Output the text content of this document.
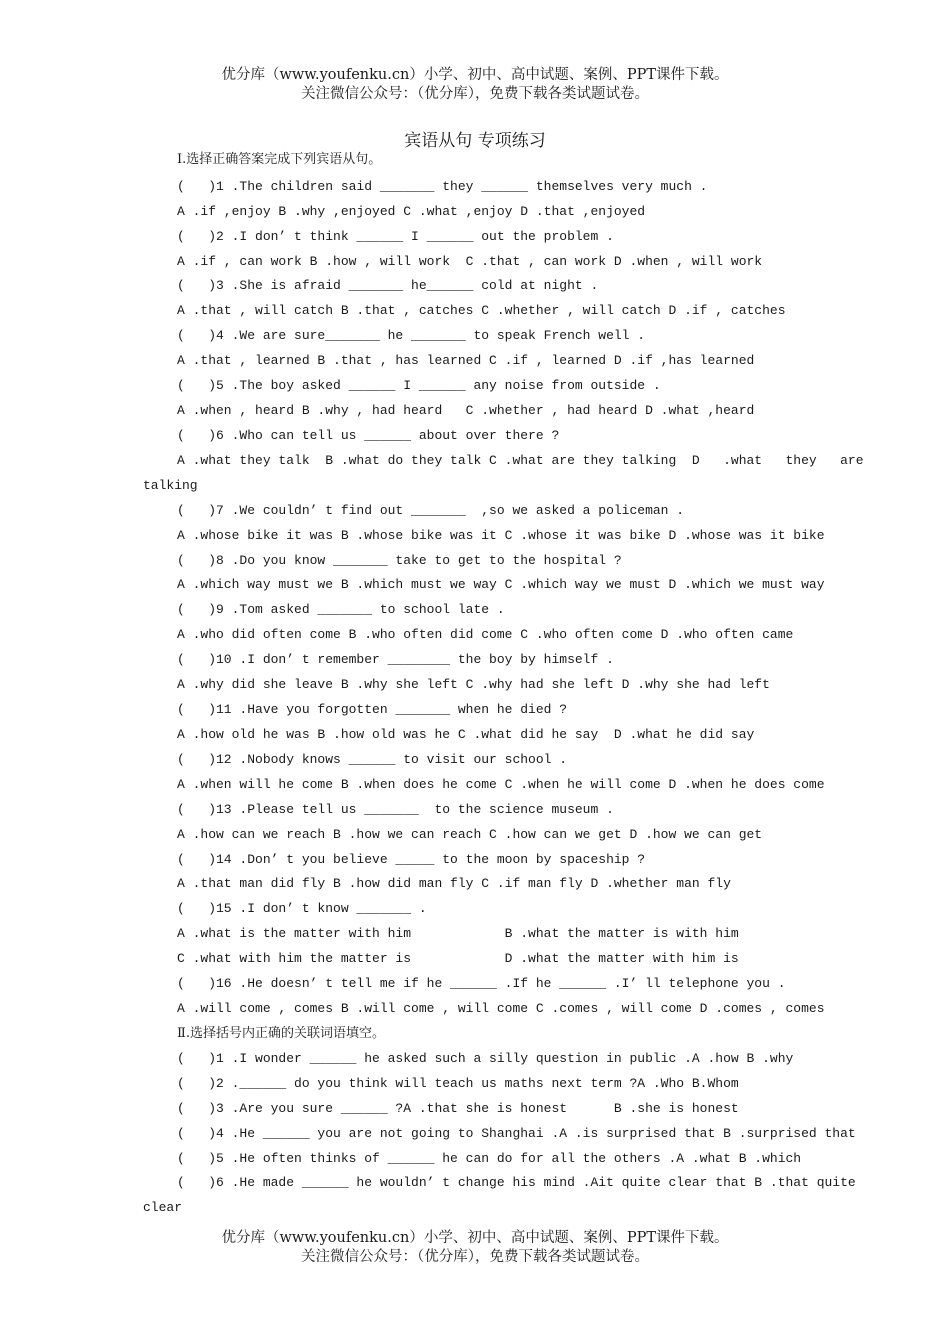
优分库（www.youfenku.cn）小学、初中、高中试题、案例、PPT课件下载。
关注微信公众号：（优分库），免费下载各类试题试卷。
宾语从句 专项练习
Ⅰ.选择正确答案完成下列宾语从句。
(   )1 .The children said _______ they ______ themselves very much .
A .if ,enjoy B .why ,enjoyed C .what ,enjoy D .that ,enjoyed
(   )2 .I don’ t think ______ I ______ out the problem .
A .if , can work B .how , will work  C .that , can work D .when , will work
(   )3 .She is afraid _______ he______ cold at night .
A .that , will catch B .that , catches C .whether , will catch D .if , catches
(   )4 .We are sure_______ he _______ to speak French well .
A .that , learned B .that , has learned C .if , learned D .if ,has learned
(   )5 .The boy asked ______ I ______ any noise from outside .
A .when , heard B .why , had heard   C .whether , had heard D .what ,heard
(   )6 .Who can tell us ______ about over there ?
A .what they talk  B .what do they talk C .what are they talking  D   .what   they   are
talking
(   )7 .We couldn’ t find out _______  ,so we asked a policeman .
A .whose bike it was B .whose bike was it C .whose it was bike D .whose was it bike
(   )8 .Do you know _______ take to get to the hospital ?
A .which way must we B .which must we way C .which way we must D .which we must way
(   )9 .Tom asked _______ to school late .
A .who did often come B .who often did come C .who often come D .who often came
(   )10 .I don’ t remember ________ the boy by himself .
A .why did she leave B .why she left C .why had she left D .why she had left
(   )11 .Have you forgotten _______ when he died ?
A .how old he was B .how old was he C .what did he say  D .what he did say
(   )12 .Nobody knows ______ to visit our school .
A .when will he come B .when does he come C .when he will come D .when he does come
(   )13 .Please tell us _______  to the science museum .
A .how can we reach B .how we can reach C .how can we get D .how we can get
(   )14 .Don’ t you believe _____ to the moon by spaceship ?
A .that man did fly B .how did man fly C .if man fly D .whether man fly
(   )15 .I don’ t know _______ .
A .what is the matter with him            B .what the matter is with him
C .what with him the matter is            D .what the matter with him is
(   )16 .He doesn’ t tell me if he ______ .If he ______ .I’ ll telephone you .
A .will come , comes B .will come , will come C .comes , will come D .comes , comes
Ⅱ.选择括号内正确的关联词语填空。
(   )1 .I wonder ______ he asked such a silly question in public .A .how B .why
(   )2 .______ do you think will teach us maths next term ?A .Who B.Whom
(   )3 .Are you sure ______ ?A .that she is honest      B .she is honest
(   )4 .He ______ you are not going to Shanghai .A .is surprised that B .surprised that
(   )5 .He often thinks of ______ he can do for all the others .A .what B .which
(   )6 .He made ______ he wouldn’ t change his mind .Ait quite clear that B .that quite
clear
优分库（www.youfenku.cn）小学、初中、高中试题、案例、PPT课件下载。
关注微信公众号：（优分库），免费下载各类试题试卷。
